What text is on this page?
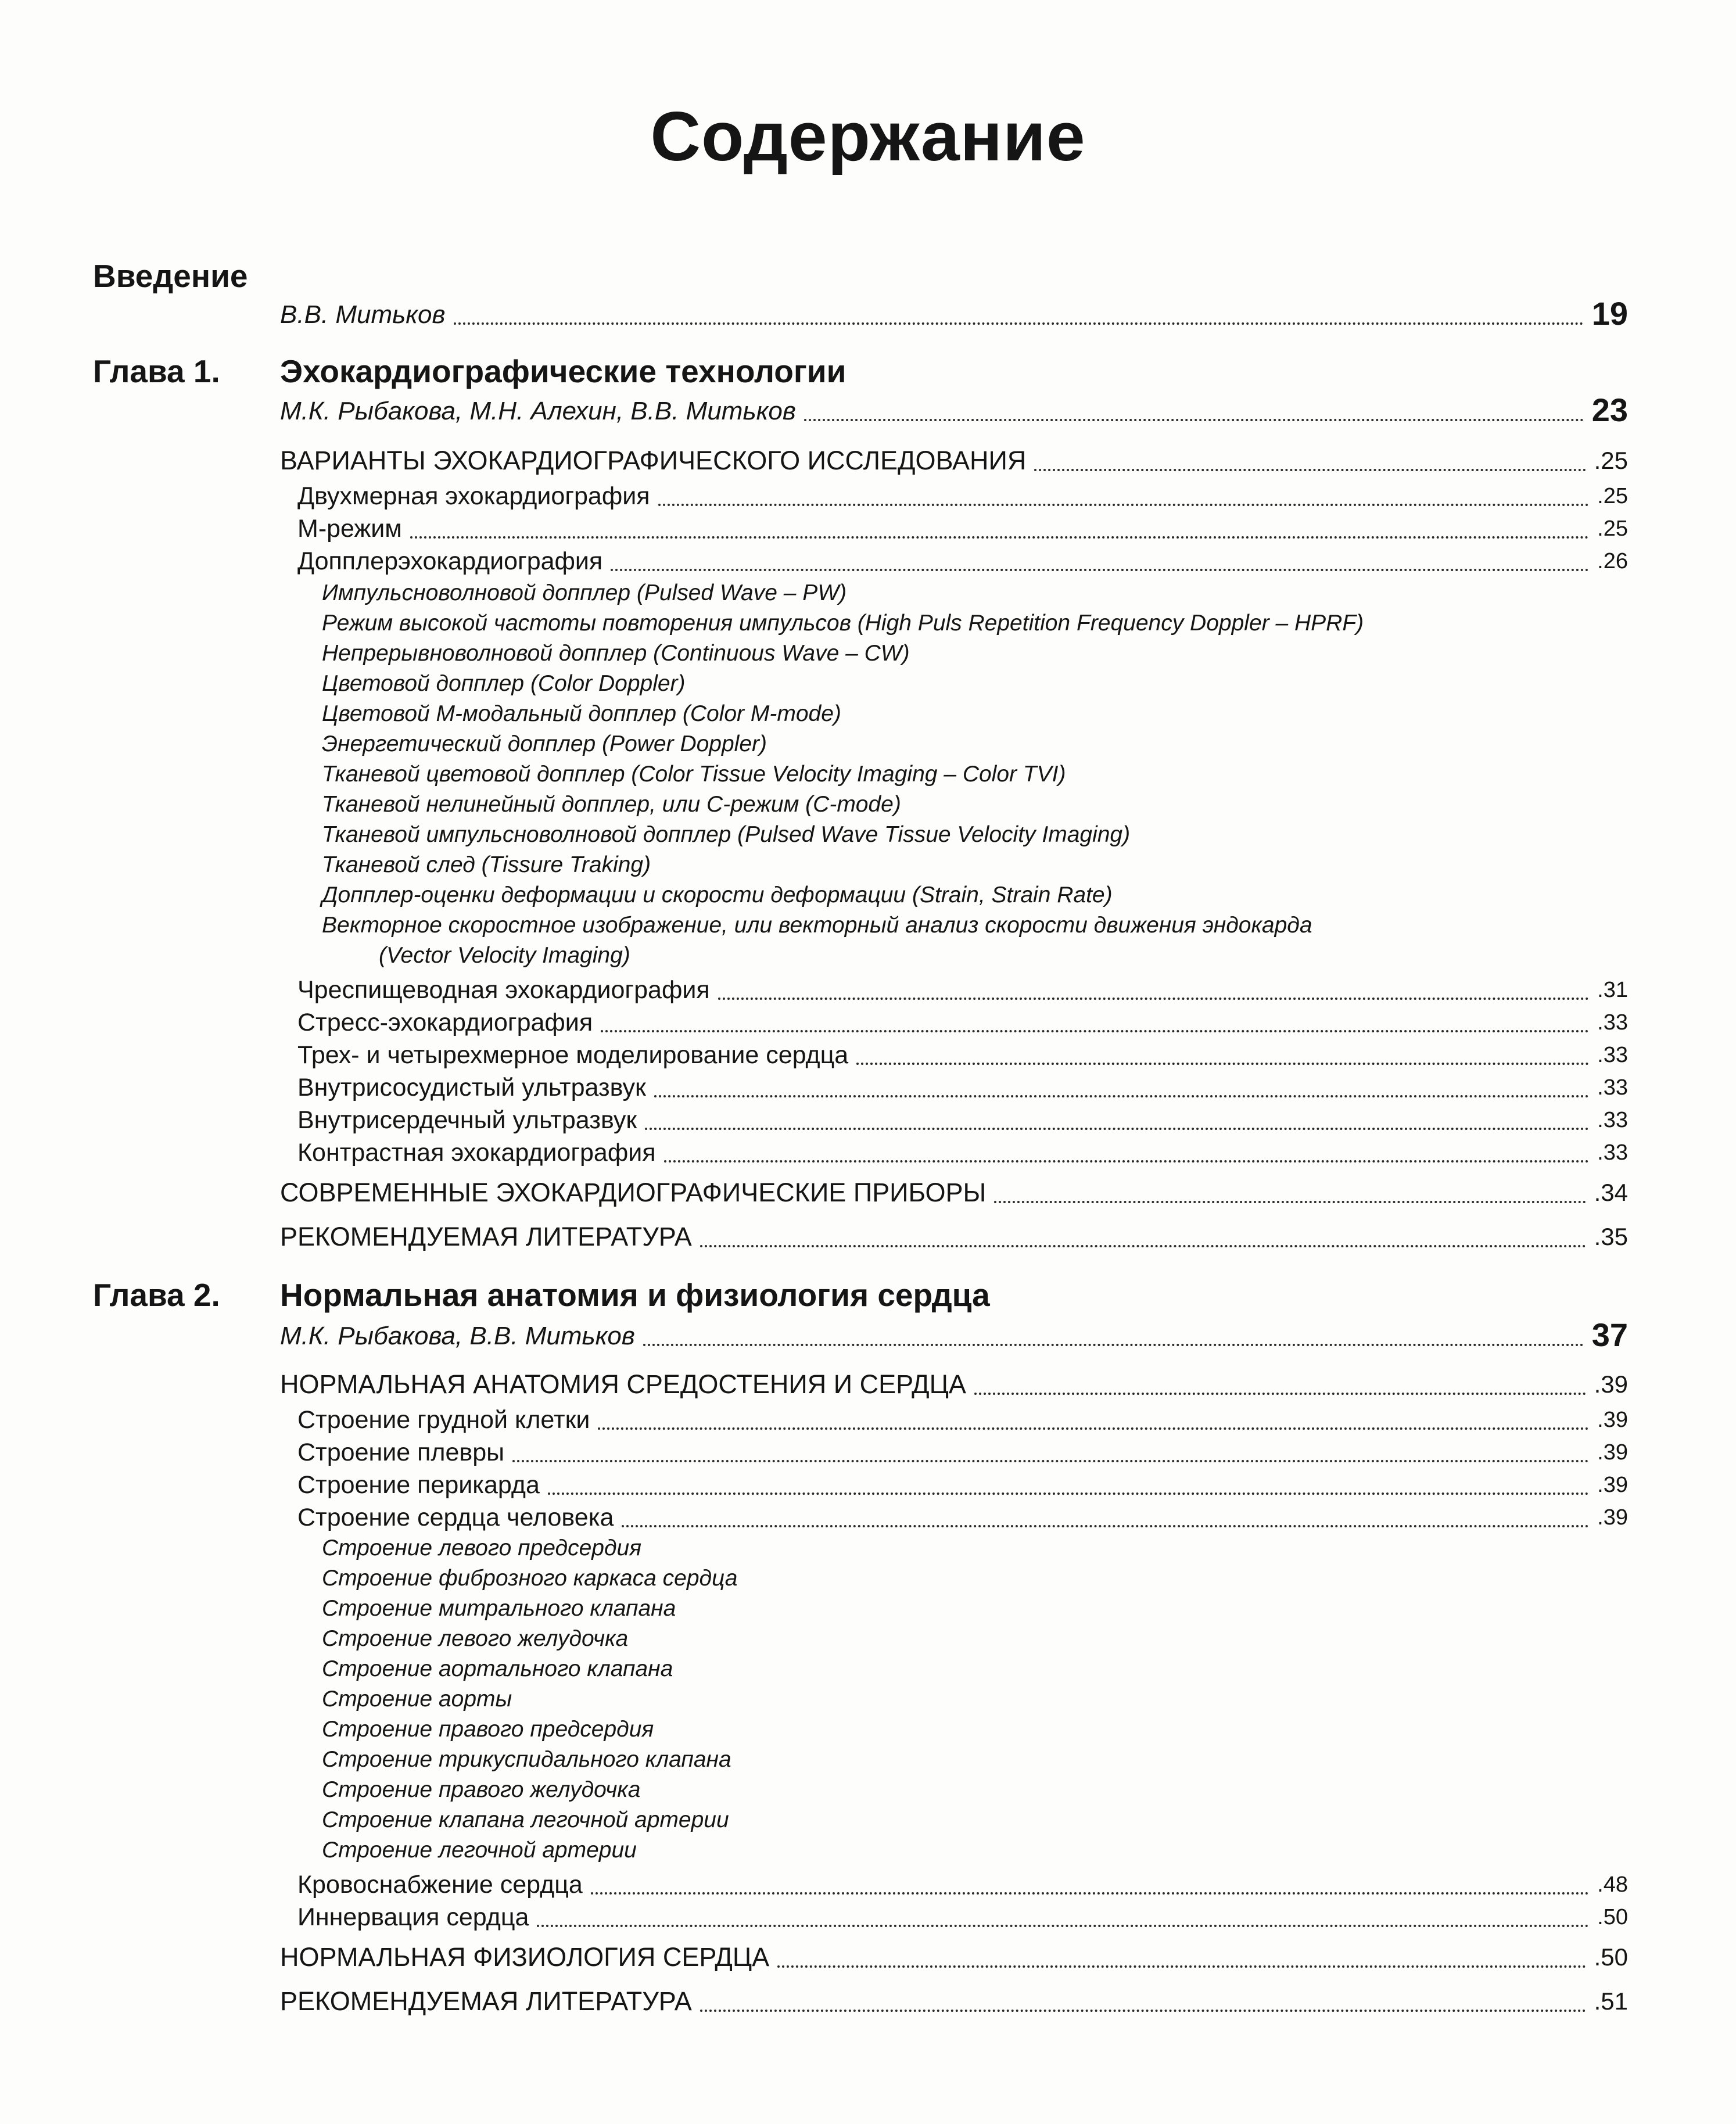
Содержание
Введение
В.В. Митьков	19
Глава 1. Эхокардиографические технологии
М.К. Рыбакова, М.Н. Алехин, В.В. Митьков	23
ВАРИАНТЫ ЭХОКАРДИОГРАФИЧЕСКОГО ИССЛЕДОВАНИЯ	.25
Двухмерная эхокардиография	.25
М-режим	.25
Допплерэхокардиография	.26
Импульсноволновой допплер (Pulsed Wave – PW)
Режим высокой частоты повторения импульсов (High Puls Repetition Frequency Doppler – HPRF)
Непрерывноволновой допплер (Continuous Wave – CW)
Цветовой допплер (Color Doppler)
Цветовой М-модальный допплер (Color M-mode)
Энергетический допплер (Power Doppler)
Тканевой цветовой допплер (Color Tissue Velocity Imaging – Color TVI)
Тканевой нелинейный допплер, или С-режим (С-mode)
Тканевой импульсноволновой допплер (Pulsed Wave Tissue Velocity Imaging)
Тканевой след (Tissure Traking)
Допплер-оценки деформации и скорости деформации (Strain, Strain Rate)
Векторное скоростное изображение, или векторный анализ скорости движения эндокарда
(Vector Velocity Imaging)
Чреспищеводная эхокардиография	.31
Стресс-эхокардиография	.33
Трех- и четырехмерное моделирование сердца	.33
Внутрисосудистый ультразвук	.33
Внутрисердечный ультразвук	.33
Контрастная эхокардиография	.33
СОВРЕМЕННЫЕ ЭХОКАРДИОГРАФИЧЕСКИЕ ПРИБОРЫ	.34
РЕКОМЕНДУЕМАЯ ЛИТЕРАТУРА	.35
Глава 2. Нормальная анатомия и физиология сердца
М.К. Рыбакова, В.В. Митьков	37
НОРМАЛЬНАЯ АНАТОМИЯ СРЕДОСТЕНИЯ И СЕРДЦА	.39
Строение грудной клетки	.39
Строение плевры	.39
Строение перикарда	.39
Строение сердца человека	.39
Строение левого предсердия
Строение фиброзного каркаса сердца
Строение митрального клапана
Строение левого желудочка
Строение аортального клапана
Строение аорты
Строение правого предсердия
Строение трикуспидального клапана
Строение правого желудочка
Строение клапана легочной артерии
Строение легочной артерии
Кровоснабжение сердца	.48
Иннервация сердца	.50
НОРМАЛЬНАЯ ФИЗИОЛОГИЯ СЕРДЦА	.50
РЕКОМЕНДУЕМАЯ ЛИТЕРАТУРА	.51
